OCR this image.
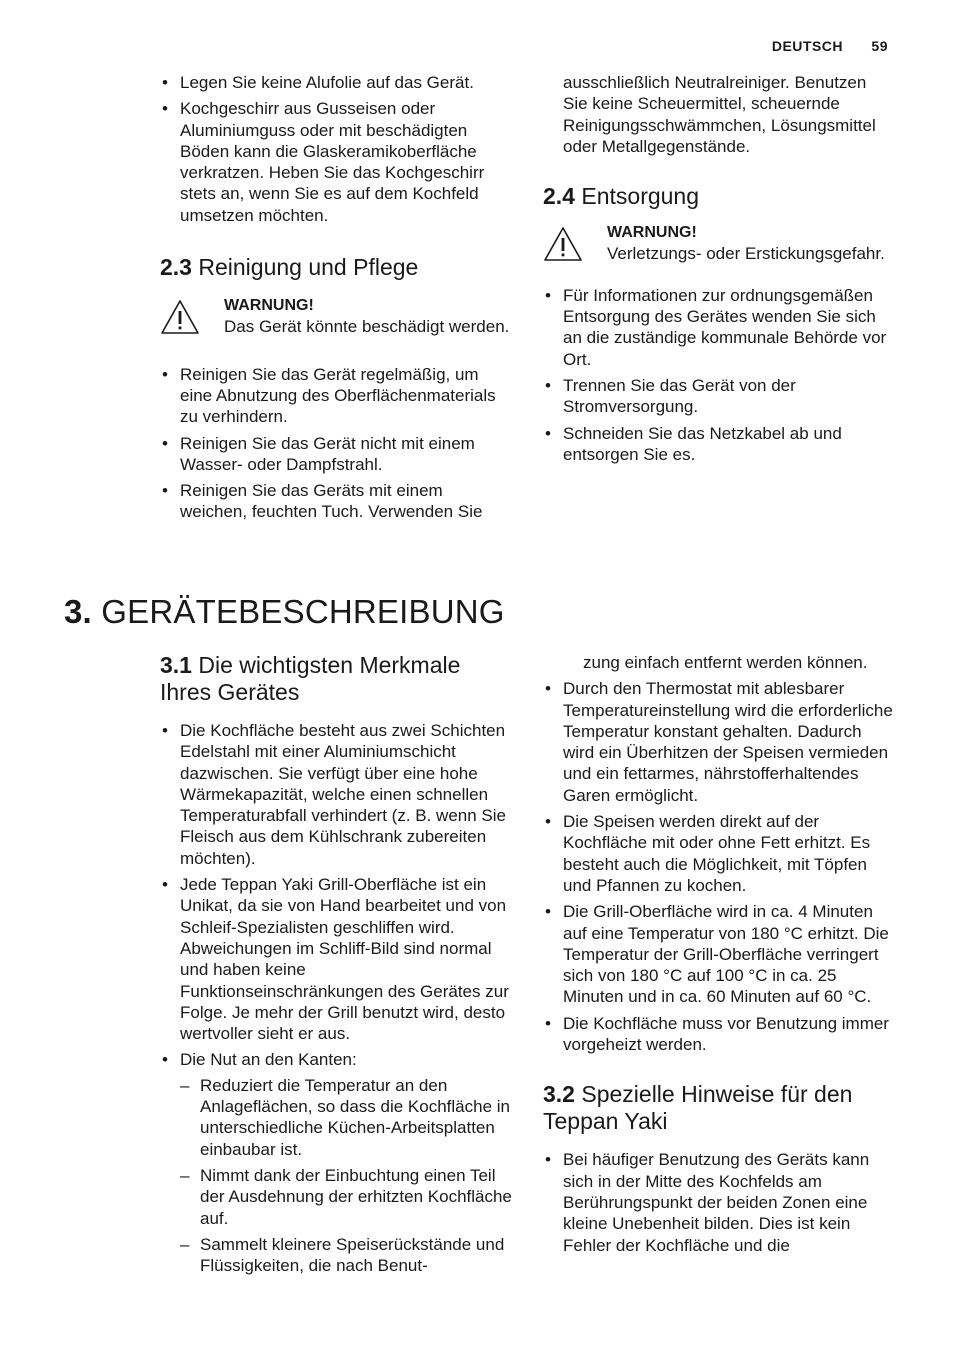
DEUTSCH 59
• Legen Sie keine Alufolie auf das Gerät.
• Kochgeschirr aus Gusseisen oder Aluminiumguss oder mit beschädigten Böden kann die Glaskeramikoberfläche verkratzen. Heben Sie das Kochgeschirr stets an, wenn Sie es auf dem Kochfeld umsetzen möchten.
2.3 Reinigung und Pflege
WARNUNG!
Das Gerät könnte beschädigt werden.
• Reinigen Sie das Gerät regelmäßig, um eine Abnutzung des Oberflächenmaterials zu verhindern.
• Reinigen Sie das Gerät nicht mit einem Wasser- oder Dampfstrahl.
• Reinigen Sie das Geräts mit einem weichen, feuchten Tuch. Verwenden Sie
ausschließlich Neutralreiniger. Benutzen Sie keine Scheuermittel, scheuernde Reinigungsschwämmchen, Lösungsmittel oder Metallgegenstände.
2.4 Entsorgung
WARNUNG!
Verletzungs- oder Erstickungsgefahr.
• Für Informationen zur ordnungsgemäßen Entsorgung des Gerätes wenden Sie sich an die zuständige kommunale Behörde vor Ort.
• Trennen Sie das Gerät von der Stromversorgung.
• Schneiden Sie das Netzkabel ab und entsorgen Sie es.
3. GERÄTEBESCHREIBUNG
3.1 Die wichtigsten Merkmale Ihres Gerätes
• Die Kochfläche besteht aus zwei Schichten Edelstahl mit einer Aluminiumschicht dazwischen. Sie verfügt über eine hohe Wärmekapazität, welche einen schnellen Temperaturabfall verhindert (z. B. wenn Sie Fleisch aus dem Kühlschrank zubereiten möchten).
• Jede Teppan Yaki Grill-Oberfläche ist ein Unikat, da sie von Hand bearbeitet und von Schleif-Spezialisten geschliffen wird. Abweichungen im Schliff-Bild sind normal und haben keine Funktionseinschränkungen des Gerätes zur Folge. Je mehr der Grill benutzt wird, desto wertvoller sieht er aus.
• Die Nut an den Kanten:
– Reduziert die Temperatur an den Anlageflächen, so dass die Kochfläche in unterschiedliche Küchen-Arbeitsplatten einbaubar ist.
– Nimmt dank der Einbuchtung einen Teil der Ausdehnung der erhitzten Kochfläche auf.
– Sammelt kleinere Speiserückstände und Flüssigkeiten, die nach Benut-
zung einfach entfernt werden können.
• Durch den Thermostat mit ablesbarer Temperatureinstellung wird die erforderliche Temperatur konstant gehalten. Dadurch wird ein Überhitzen der Speisen vermieden und ein fettarmes, nährstofferhaltendes Garen ermöglicht.
• Die Speisen werden direkt auf der Kochfläche mit oder ohne Fett erhitzt. Es besteht auch die Möglichkeit, mit Töpfen und Pfannen zu kochen.
• Die Grill-Oberfläche wird in ca. 4 Minuten auf eine Temperatur von 180 °C erhitzt. Die Temperatur der Grill-Oberfläche verringert sich von 180 °C auf 100 °C in ca. 25 Minuten und in ca. 60 Minuten auf 60 °C.
• Die Kochfläche muss vor Benutzung immer vorgeheizt werden.
3.2 Spezielle Hinweise für den Teppan Yaki
• Bei häufiger Benutzung des Geräts kann sich in der Mitte des Kochfelds am Berührungspunkt der beiden Zonen eine kleine Unebenheit bilden. Dies ist kein Fehler der Kochfläche und die
